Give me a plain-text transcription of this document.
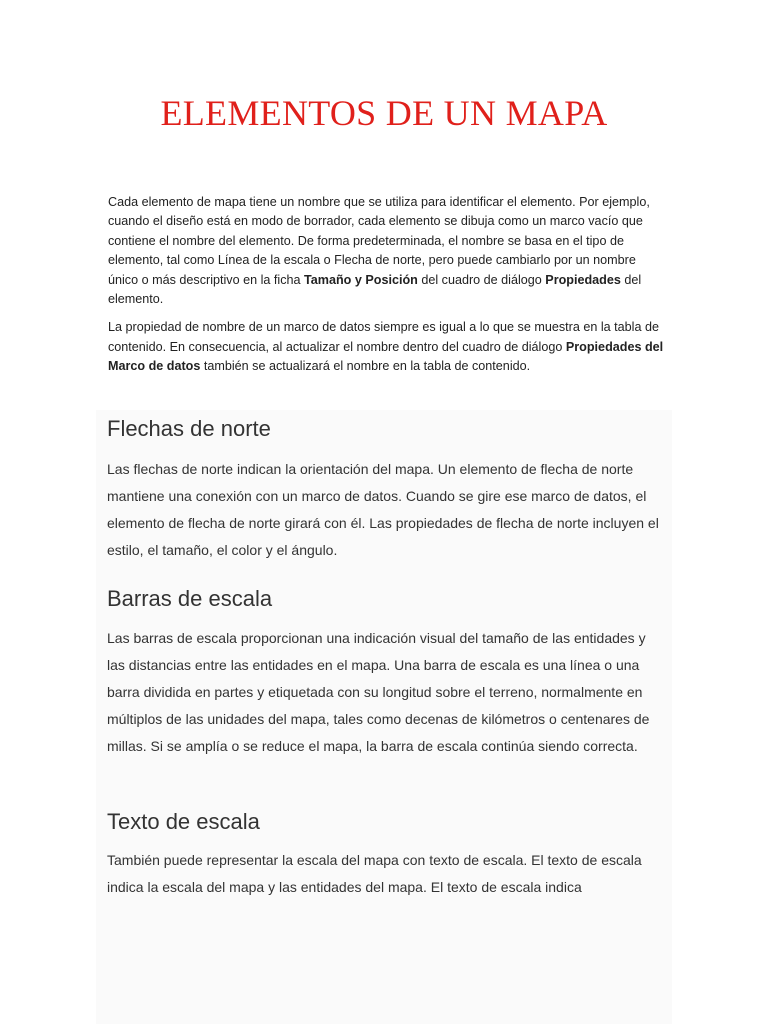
ELEMENTOS DE UN MAPA

Cada elemento de mapa tiene un nombre que se utiliza para identificar el elemento. Por ejemplo, cuando el diseño está en modo de borrador, cada elemento se dibuja como un marco vacío que contiene el nombre del elemento. De forma predeterminada, el nombre se basa en el tipo de elemento, tal como Línea de la escala o Flecha de norte, pero puede cambiarlo por un nombre único o más descriptivo en la ficha Tamaño y Posición del cuadro de diálogo Propiedades del elemento.

La propiedad de nombre de un marco de datos siempre es igual a lo que se muestra en la tabla de contenido. En consecuencia, al actualizar el nombre dentro del cuadro de diálogo Propiedades del Marco de datos también se actualizará el nombre en la tabla de contenido.

Flechas de norte

Las flechas de norte indican la orientación del mapa. Un elemento de flecha de norte mantiene una conexión con un marco de datos. Cuando se gire ese marco de datos, el elemento de flecha de norte girará con él. Las propiedades de flecha de norte incluyen el estilo, el tamaño, el color y el ángulo.

Barras de escala

Las barras de escala proporcionan una indicación visual del tamaño de las entidades y las distancias entre las entidades en el mapa. Una barra de escala es una línea o una barra dividida en partes y etiquetada con su longitud sobre el terreno, normalmente en múltiplos de las unidades del mapa, tales como decenas de kilómetros o centenares de millas. Si se amplía o se reduce el mapa, la barra de escala continúa siendo correcta.

Texto de escala

También puede representar la escala del mapa con texto de escala. El texto de escala indica la escala del mapa y las entidades del mapa. El texto de escala indica
